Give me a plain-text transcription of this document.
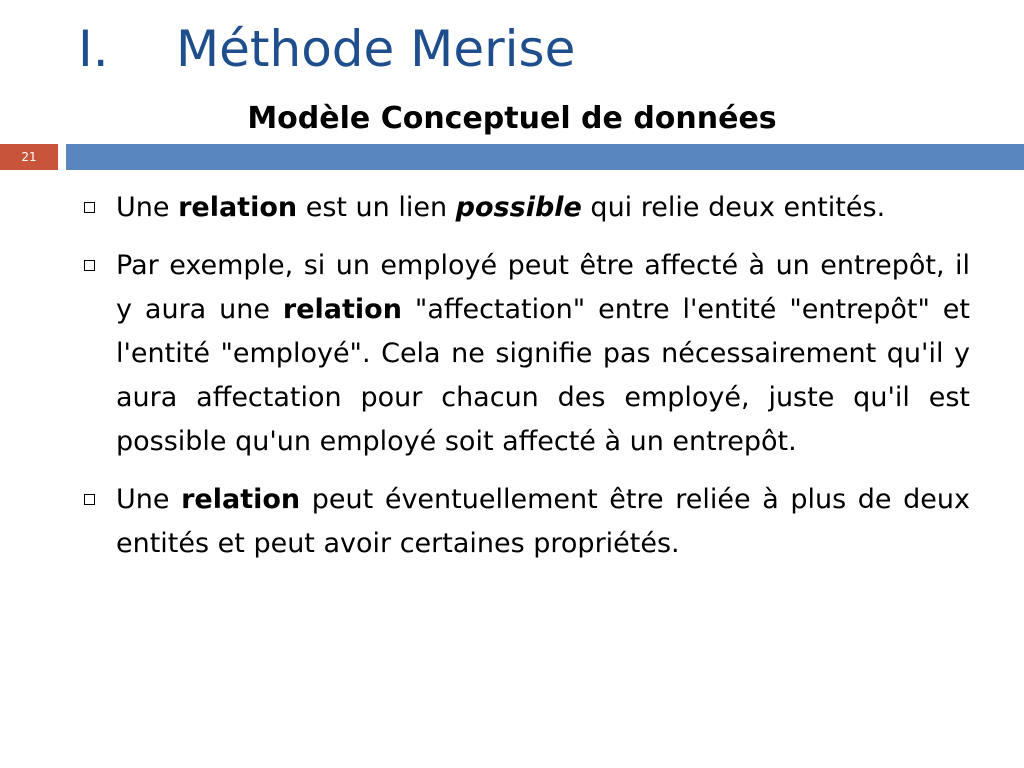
I. Méthode Merise
Modèle Conceptuel de données
21
Une relation est un lien possible qui relie deux entités.
Par exemple, si un employé peut être affecté à un entrepôt, il y aura une relation "affectation" entre l'entité "entrepôt" et l'entité "employé". Cela ne signifie pas nécessairement qu'il y aura affectation pour chacun des employé, juste qu'il est possible qu'un employé soit affecté à un entrepôt.
Une relation peut éventuellement être reliée à plus de deux entités et peut avoir certaines propriétés.
